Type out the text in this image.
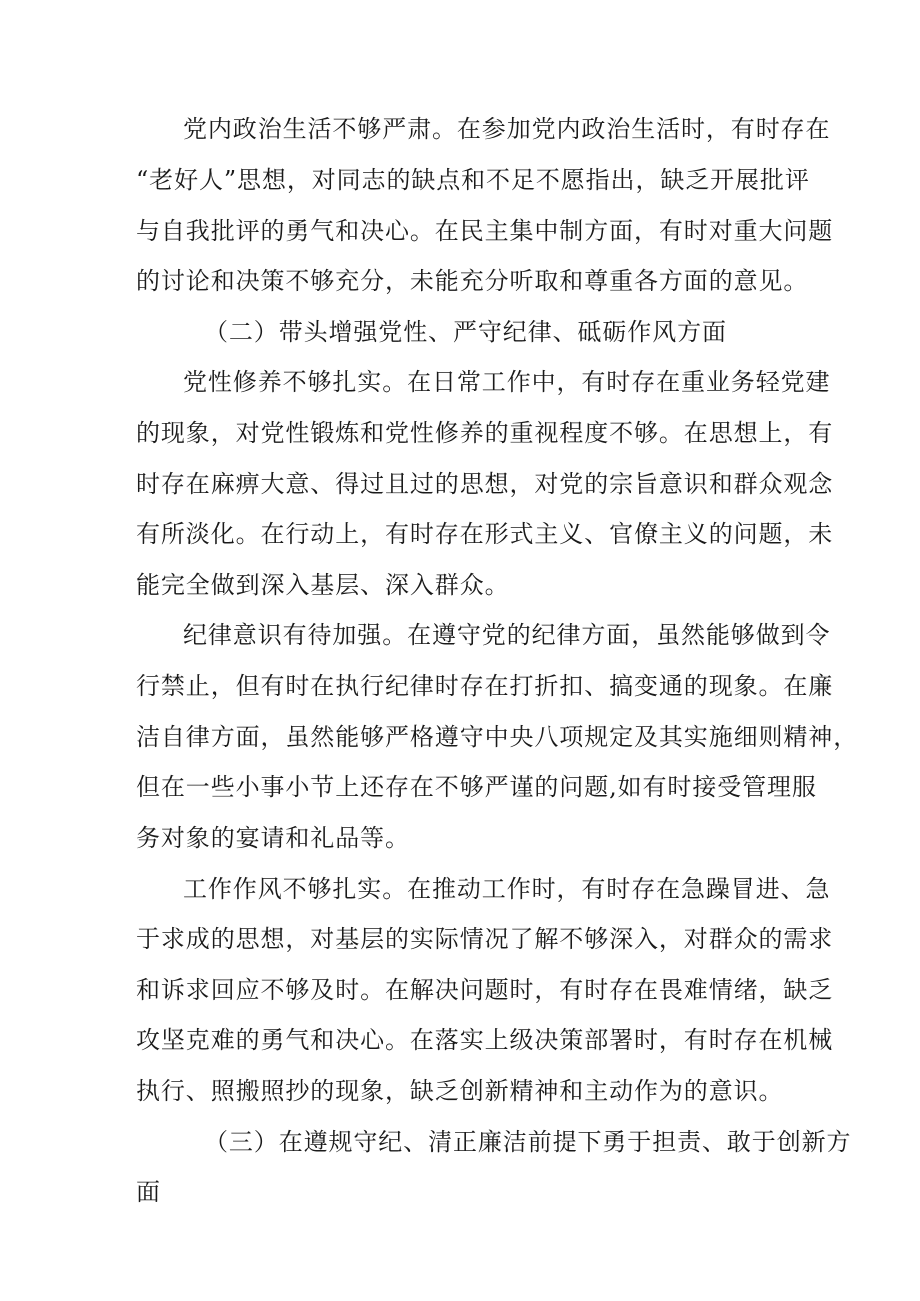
党内政治生活不够严肃。在参加党内政治生活时，有时存在
“老好人”思想，对同志的缺点和不足不愿指出，缺乏开展批评
与自我批评的勇气和决心。在民主集中制方面，有时对重大问题
的讨论和决策不够充分，未能充分听取和尊重各方面的意见。
（二）带头增强党性、严守纪律、砥砺作风方面
党性修养不够扎实。在日常工作中，有时存在重业务轻党建
的现象，对党性锻炼和党性修养的重视程度不够。在思想上，有
时存在麻痹大意、得过且过的思想，对党的宗旨意识和群众观念
有所淡化。在行动上，有时存在形式主义、官僚主义的问题，未
能完全做到深入基层、深入群众。
纪律意识有待加强。在遵守党的纪律方面，虽然能够做到令
行禁止，但有时在执行纪律时存在打折扣、搞变通的现象。在廉
洁自律方面，虽然能够严格遵守中央八项规定及其实施细则精神，
但在一些小事小节上还存在不够严谨的问题,如有时接受管理服
务对象的宴请和礼品等。
工作作风不够扎实。在推动工作时，有时存在急躁冒进、急
于求成的思想，对基层的实际情况了解不够深入，对群众的需求
和诉求回应不够及时。在解决问题时，有时存在畏难情绪，缺乏
攻坚克难的勇气和决心。在落实上级决策部署时，有时存在机械
执行、照搬照抄的现象，缺乏创新精神和主动作为的意识。
（三）在遵规守纪、清正廉洁前提下勇于担责、敢于创新方
面
